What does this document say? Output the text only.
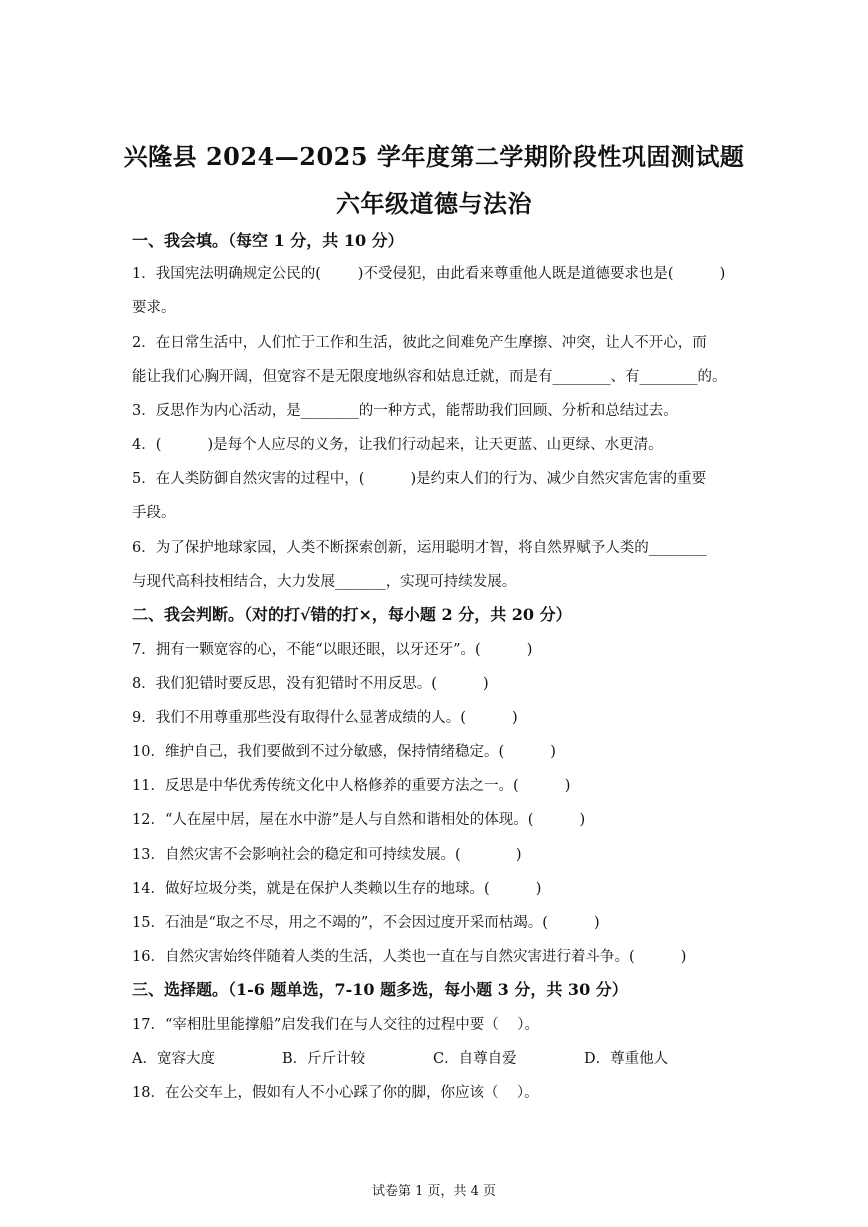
兴隆县 2024—2025 学年度第二学期阶段性巩固测试题
六年级道德与法治
一、我会填。（每空 1 分，共 10 分）
1．我国宪法明确规定公民的(        )不受侵犯，由此看来尊重他人既是道德要求也是(          )
要求。
2．在日常生活中，人们忙于工作和生活，彼此之间难免产生摩擦、冲突，让人不开心，而
能让我们心胸开阔，但宽容不是无限度地纵容和姑息迁就，而是有________、有________的。
3．反思作为内心活动，是________的一种方式，能帮助我们回顾、分析和总结过去。
4．(          )是每个人应尽的义务，让我们行动起来，让天更蓝、山更绿、水更清。
5．在人类防御自然灾害的过程中，(          )是约束人们的行为、减少自然灾害危害的重要
手段。
6．为了保护地球家园，人类不断探索创新，运用聪明才智，将自然界赋予人类的________
与现代高科技相结合，大力发展_______，实现可持续发展。
二、我会判断。（对的打√错的打×，每小题 2 分，共 20 分）
7．拥有一颗宽容的心，不能“以眼还眼，以牙还牙”。(          )
8．我们犯错时要反思，没有犯错时不用反思。(          )
9．我们不用尊重那些没有取得什么显著成绩的人。(          )
10．维护自己，我们要做到不过分敏感，保持情绪稳定。(          )
11．反思是中华优秀传统文化中人格修养的重要方法之一。(          )
12．“人在屋中居，屋在水中游”是人与自然和谐相处的体现。(          )
13．自然灾害不会影响社会的稳定和可持续发展。(            )
14．做好垃圾分类，就是在保护人类赖以生存的地球。(          )
15．石油是“取之不尽，用之不竭的”，不会因过度开采而枯竭。(          )
16．自然灾害始终伴随着人类的生活，人类也一直在与自然灾害进行着斗争。(          )
三、选择题。（1-6 题单选，7-10 题多选，每小题 3 分，共 30 分）
17．“宰相肚里能撑船”启发我们在与人交往的过程中要（    ）。
A．宽容大度	B．斤斤计较	C．自尊自爱	D．尊重他人
18．在公交车上，假如有人不小心踩了你的脚，你应该（    ）。
试卷第 1 页，共 4 页
